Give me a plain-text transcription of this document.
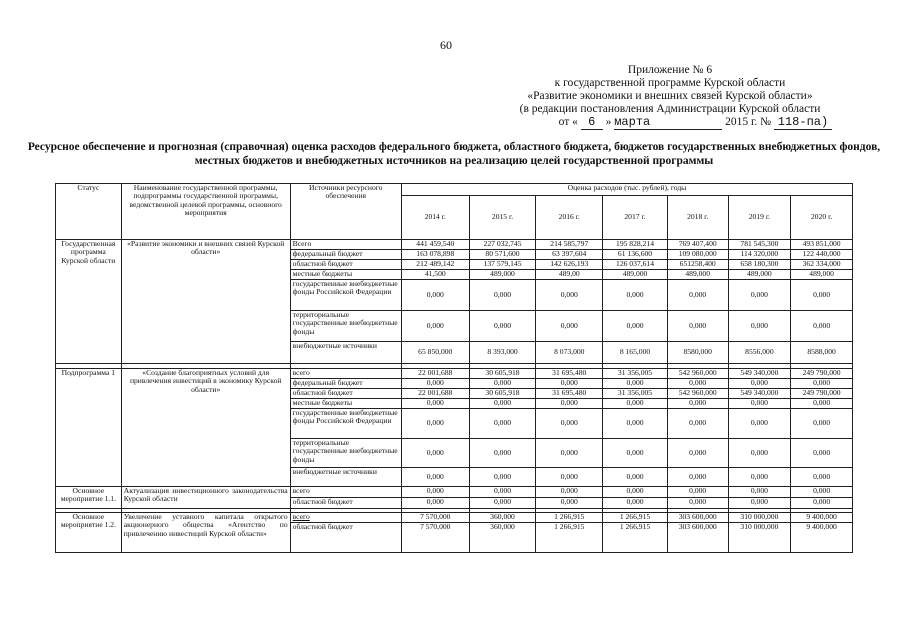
60
Приложение № 6
к государственной программе Курской области
«Развитие экономики и внешних связей Курской области»
(в редакции постановления Администрации Курской области
от « 6 » марта	2015 г. № 118-па)
Ресурсное обеспечение и прогнозная (справочная) оценка расходов федерального бюджета, областного бюджета, бюджетов государственных внебюджетных фондов, местных бюджетов и внебюджетных источников на реализацию целей государственной программы
Статус	Наименование государственной программы, подпрограммы государственной программы, ведомственной целевой программы, основного мероприятия	Источники ресурсного обеспечения	Оценка расходов (тыс. рублей), годы						
			2014 г.	2015 г.	2016 г.	2017 г.	2018 г.	2019 г.	2020 г.
Государственная программа Курской области	«Развитие экономики и внешних связей Курской области»	Всего	441 459,540	227 032,745	214 585,797	195 828,214	769 407,400	781 545,300	493 851,000
		федеральный бюджет	163 078,898	80 571,600	63 397,604	61 136,600	109 080,000	114 320,000	122 440,000
		областной бюджет	212 489,142	137 579,145	142 626,193	126 037,614	651258,400	658 180,300	362 334,000
		местные бюджеты	41,500	489,000	489,00	489,000	489,000	489,000	489,000
		государственные внебюджетные фонды Российской Федерации	0,000	0,000	0,000	0,000	0,000	0,000	0,000
		территориальные государственные внебюджетные фонды	0,000	0,000	0,000	0,000	0,000	0,000	0,000
		внебюджетные источники	65 850,000	8 393,000	8 073,000	8 165,000	8580,000	8556,000	8588,000

Подпрограмма 1	«Создание благоприятных условий для привлечения инвестиций в экономику Курской области»	всего	22 001,688	30 605,918	31 695,480	31 356,005	542 960,000	549 340,000	249 790,000
		федеральный бюджет	0,000	0,000	0,000	0,000	0,000	0,000	0,000
		областной бюджет	22 001,688	30 605,918	31 695,480	31 356,005	542 960,000	549 340,000	249 790,000
		местные бюджеты	0,000	0,000	0,000	0,000	0,000	0,000	0,000
		государственные внебюджетные фонды Российской Федерации	0,000	0,000	0,000	0,000	0,000	0,000	0,000
		территориальные государственные внебюджетные фонды	0,000	0,000	0,000	0,000	0,000	0,000	0,000
		внебюджетные источники	0,000	0,000	0,000	0,000	0,000	0,000	0,000
Основное мероприятие 1.1.	Актуализация инвестиционного законодательства Курской области	всего	0,000	0,000	0,000	0,000	0,000	0,000	0,000
		областной бюджет	0,000	0,000	0,000	0,000	0,000	0,000	0,000

Основное мероприятие 1.2.	Увеличение уставного капитала открытого акционерного общества «Агентство по привлечению инвестиций Курской области»	всего	7 570,000	360,000	1 266,915	1 266,915	303 600,000	310 000,000	9 400,000
		областной бюджет	7 570,000	360,000	1 266,915	1 266,915	303 600,000	310 000,000	9 400,000
